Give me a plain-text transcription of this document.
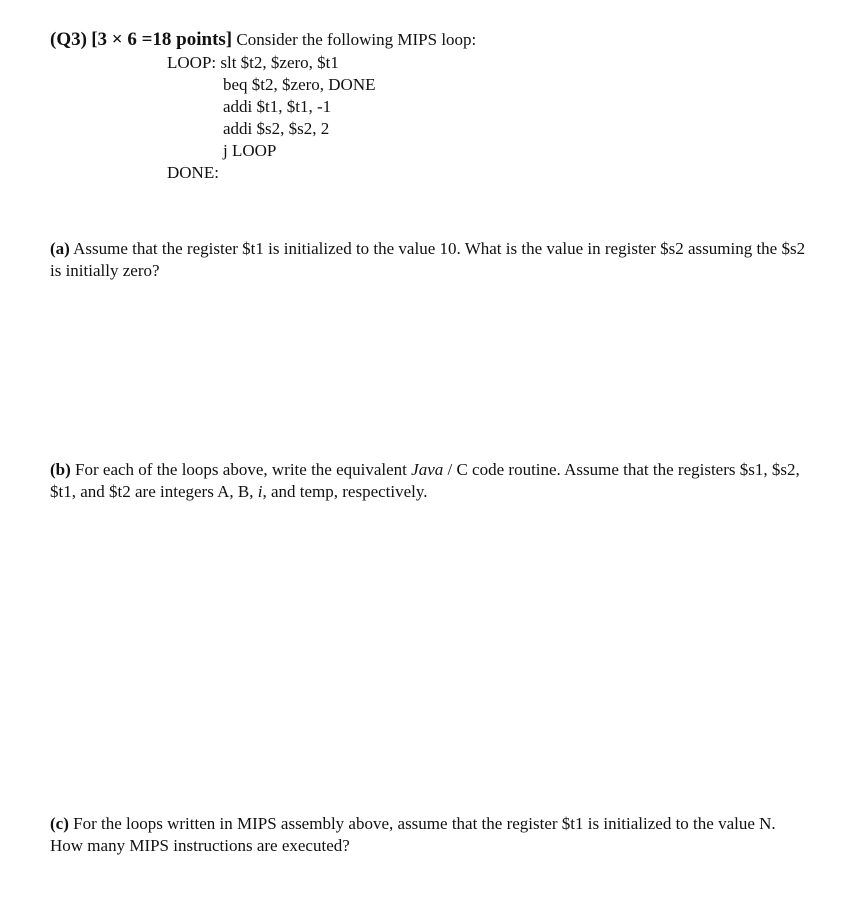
(Q3) [3 × 6 =18 points] Consider the following MIPS loop:
LOOP: slt $t2, $zero, $t1
beq $t2, $zero, DONE
addi $t1, $t1, -1
addi $s2, $s2, 2
j LOOP
DONE:
(a) Assume that the register $t1 is initialized to the value 10. What is the value in register $s2 assuming the $s2 is initially zero?
(b) For each of the loops above, write the equivalent Java / C code routine. Assume that the registers $s1, $s2, $t1, and $t2 are integers A, B, i, and temp, respectively.
(c) For the loops written in MIPS assembly above, assume that the register $t1 is initialized to the value N. How many MIPS instructions are executed?
